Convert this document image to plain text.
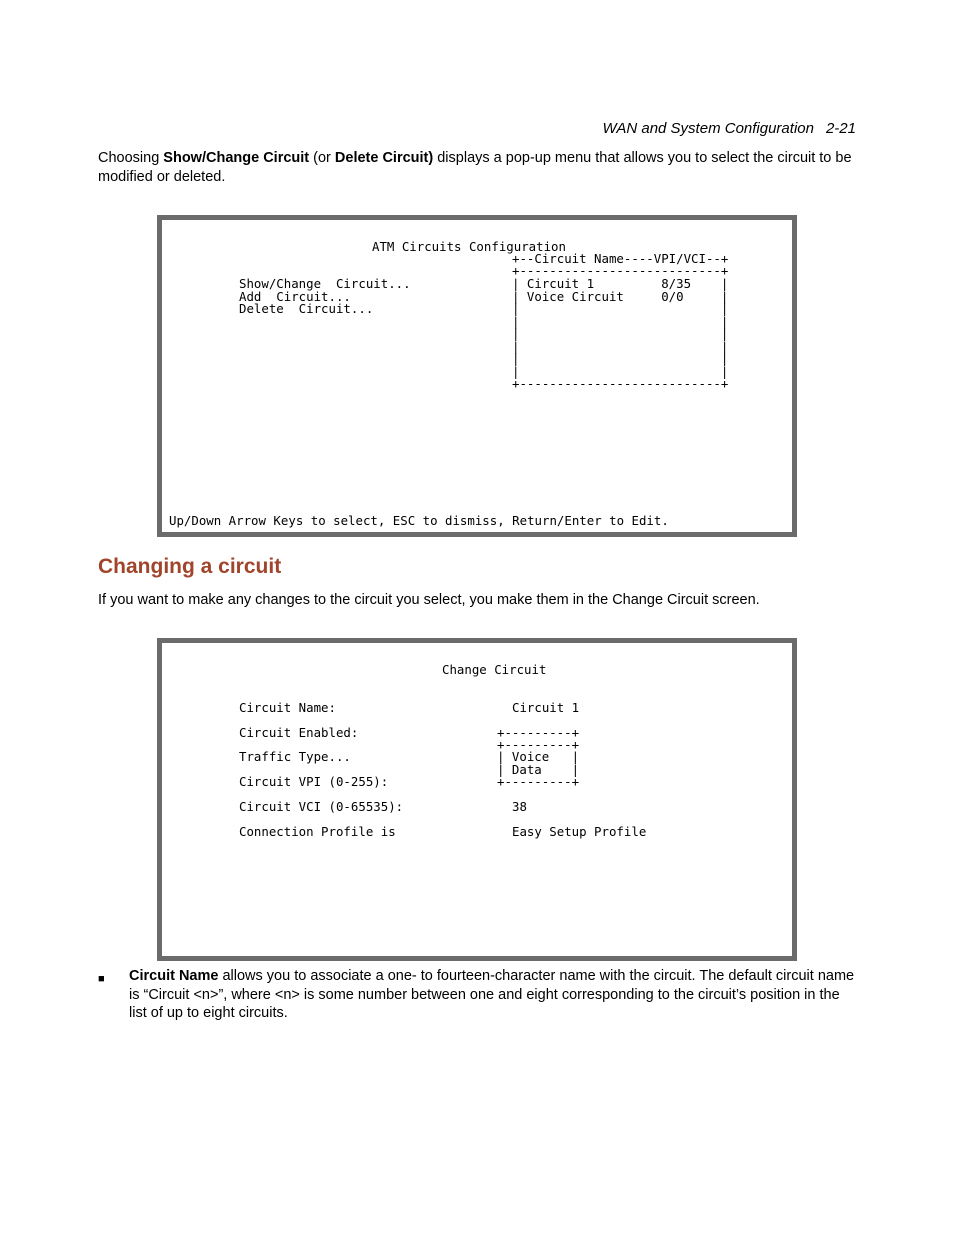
WAN and System Configuration 2-21
Choosing Show/Change Circuit (or Delete Circuit) displays a pop-up menu that allows you to select the circuit to be modified or deleted.
ATM Circuits Configuration
Show/Change  Circuit...
Add  Circuit...
Delete  Circuit...
+--Circuit Name----VPI/VCI--+
+---------------------------+
| Circuit 1         8/35    |
| Voice Circuit     0/0     |
|                           |
|                           |
|                           |
|                           |
|                           |
|                           |
+---------------------------+
Up/Down Arrow Keys to select, ESC to dismiss, Return/Enter to Edit.
Changing a circuit
If you want to make any changes to the circuit you select, you make them in the Change Circuit screen.
Change Circuit
Circuit Name:	Circuit 1
Circuit Enabled:
Traffic Type...
Circuit VPI (0-255):
+---------+
+---------+
| Voice   |
| Data    |
+---------+
Circuit VCI (0-65535):	38
Connection Profile is	Easy Setup Profile
■ Circuit Name allows you to associate a one- to fourteen-character name with the circuit. The default circuit name is “Circuit <n>”, where <n> is some number between one and eight corresponding to the circuit’s position in the list of up to eight circuits.
